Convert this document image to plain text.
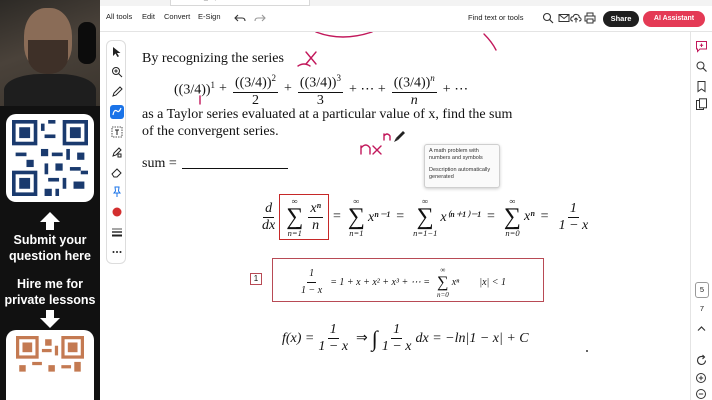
Submit your question here
Hire me for private lessons
All tools Edit Convert E-Sign	Find text or tools	Share	AI Assistant
By recognizing the series
$((3/4))^1 + \frac{((3/4))^2}{2} + \frac{((3/4))^3}{3}$ + ⋯ + $\frac{((3/4))^n}{n}$ + ⋯
as a Taylor series evaluated at a particular value of x, find the sum
of the convergent series.
sum =
$\frac{d}{dx}$ ∞
∑
$n=1 \frac{\text{xⁿ}}{n}$ =
∞
∑
n=1
xⁿ⁻¹ =
∞
∑
n=1−1
x⁽ⁿ⁺¹⁾⁻¹ =
∞
∑
n=0
$x^n = \frac{1}{1 - x}$
1	$\frac{1}{1 - x} = 1 + x + x^2 + x^3$ + ⋯ =
∞
∑
n=0
xⁿ |x| < 1
$f(x) = \frac{1}{1 - x}$ ⇒ ∫ $\frac{1}{1 - x}$ dx = −ln|1 − x| + C

A math problem with numbers and symbols

Description automatically generated

5
7
